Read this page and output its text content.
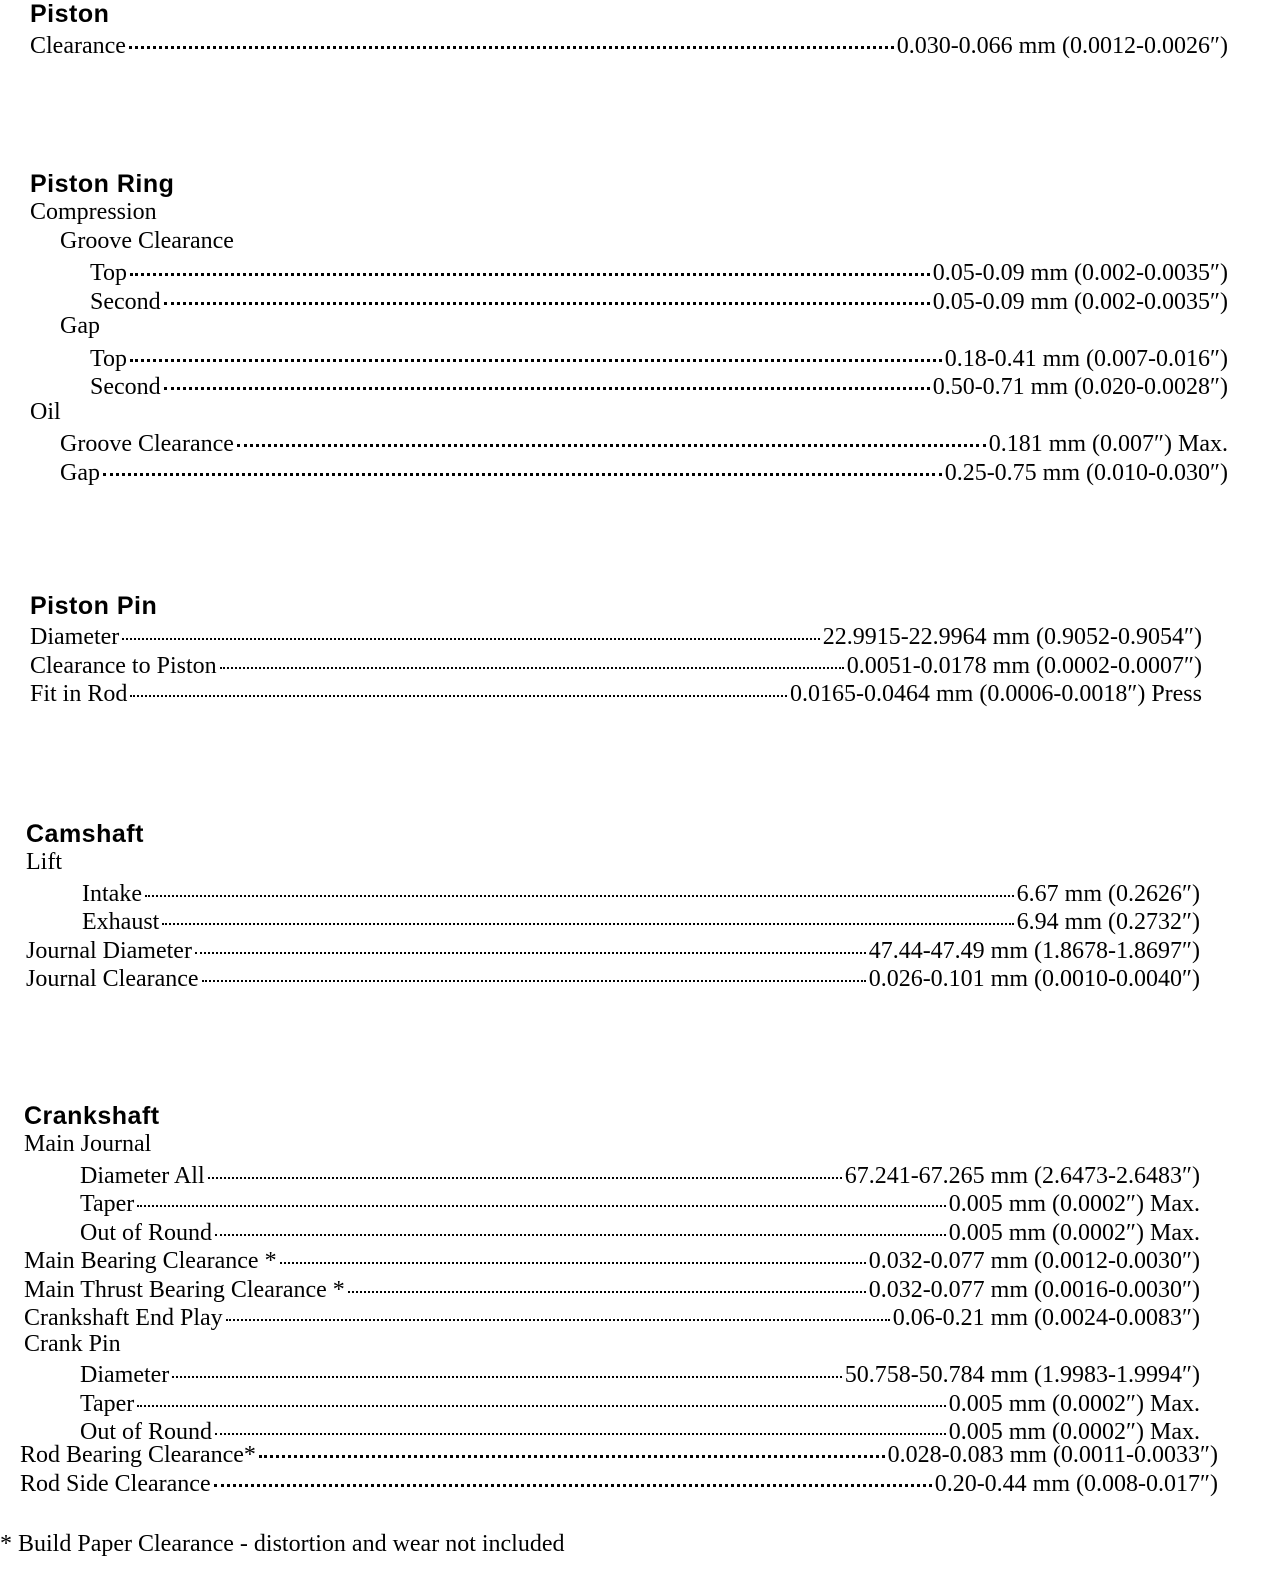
Piston
Clearance	0.030-0.066 mm (0.0012-0.0026″)
Piston Ring
Compression
Groove Clearance
Top	0.05-0.09 mm (0.002-0.0035″)
Second	0.05-0.09 mm (0.002-0.0035″)
Gap
Top	0.18-0.41 mm (0.007-0.016″)
Second	0.50-0.71 mm (0.020-0.0028″)
Oil
Groove Clearance	0.181 mm (0.007″) Max.
Gap	0.25-0.75 mm (0.010-0.030″)
Piston Pin
Diameter	22.9915-22.9964 mm (0.9052-0.9054″)
Clearance to Piston	0.0051-0.0178 mm (0.0002-0.0007″)
Fit in Rod	0.0165-0.0464 mm (0.0006-0.0018″) Press
Camshaft
Lift
Intake	6.67 mm (0.2626″)
Exhaust	6.94 mm (0.2732″)
Journal Diameter	47.44-47.49 mm (1.8678-1.8697″)
Journal Clearance	0.026-0.101 mm (0.0010-0.0040″)
Crankshaft
Main Journal
Diameter All	67.241-67.265 mm (2.6473-2.6483″)
Taper	0.005 mm (0.0002″) Max.
Out of Round	0.005 mm (0.0002″) Max.
Main Bearing Clearance *	0.032-0.077 mm (0.0012-0.0030″)
Main Thrust Bearing Clearance *	0.032-0.077 mm (0.0016-0.0030″)
Crankshaft End Play	0.06-0.21 mm (0.0024-0.0083″)
Crank Pin
Diameter	50.758-50.784 mm (1.9983-1.9994″)
Taper	0.005 mm (0.0002″) Max.
Out of Round	0.005 mm (0.0002″) Max.
Rod Bearing Clearance*	0.028-0.083 mm (0.0011-0.0033″)
Rod Side Clearance	0.20-0.44 mm (0.008-0.017″)
* Build Paper Clearance - distortion and wear not included
